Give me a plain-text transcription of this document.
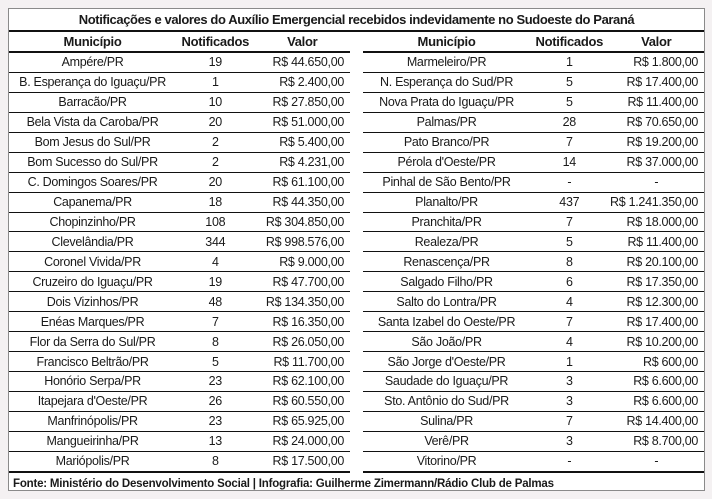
Notificações e valores do Auxílio Emergencial recebidos indevidamente no Sudoeste do Paraná
Município	Notificados	Valor
Ampére/PR	19	R$ 44.650,00
B. Esperança do Iguaçu/PR	1	R$ 2.400,00
Barracão/PR	10	R$ 27.850,00
Bela Vista da Caroba/PR	20	R$ 51.000,00
Bom Jesus do Sul/PR	2	R$ 5.400,00
Bom Sucesso do Sul/PR	2	R$ 4.231,00
C. Domingos Soares/PR	20	R$ 61.100,00
Capanema/PR	18	R$ 44.350,00
Chopinzinho/PR	108	R$ 304.850,00
Clevelândia/PR	344	R$ 998.576,00
Coronel Vivida/PR	4	R$ 9.000,00
Cruzeiro do Iguaçu/PR	19	R$ 47.700,00
Dois Vizinhos/PR	48	R$ 134.350,00
Enéas Marques/PR	7	R$ 16.350,00
Flor da Serra do Sul/PR	8	R$ 26.050,00
Francisco Beltrão/PR	5	R$ 11.700,00
Honório Serpa/PR	23	R$ 62.100,00
Itapejara d'Oeste/PR	26	R$ 60.550,00
Manfrinópolis/PR	23	R$ 65.925,00
Mangueirinha/PR	13	R$ 24.000,00
Mariópolis/PR	8	R$ 17.500,00
Município	Notificados	Valor
Marmeleiro/PR	1	R$ 1.800,00
N. Esperança do Sud/PR	5	R$ 17.400,00
Nova Prata do Iguaçu/PR	5	R$ 11.400,00
Palmas/PR	28	R$ 70.650,00
Pato Branco/PR	7	R$ 19.200,00
Pérola d'Oeste/PR	14	R$ 37.000,00
Pinhal de São Bento/PR	-	-
Planalto/PR	437	R$ 1.241.350,00
Pranchita/PR	7	R$ 18.000,00
Realeza/PR	5	R$ 11.400,00
Renascença/PR	8	R$ 20.100,00
Salgado Filho/PR	6	R$ 17.350,00
Salto do Lontra/PR	4	R$ 12.300,00
Santa Izabel do Oeste/PR	7	R$ 17.400,00
São João/PR	4	R$ 10.200,00
São Jorge d'Oeste/PR	1	R$ 600,00
Saudade do Iguaçu/PR	3	R$ 6.600,00
Sto. Antônio do Sud/PR	3	R$ 6.600,00
Sulina/PR	7	R$ 14.400,00
Verê/PR	3	R$ 8.700,00
Vitorino/PR	-	-
Fonte: Ministério do Desenvolvimento Social | Infografia: Guilherme Zimermann/Rádio Club de Palmas
